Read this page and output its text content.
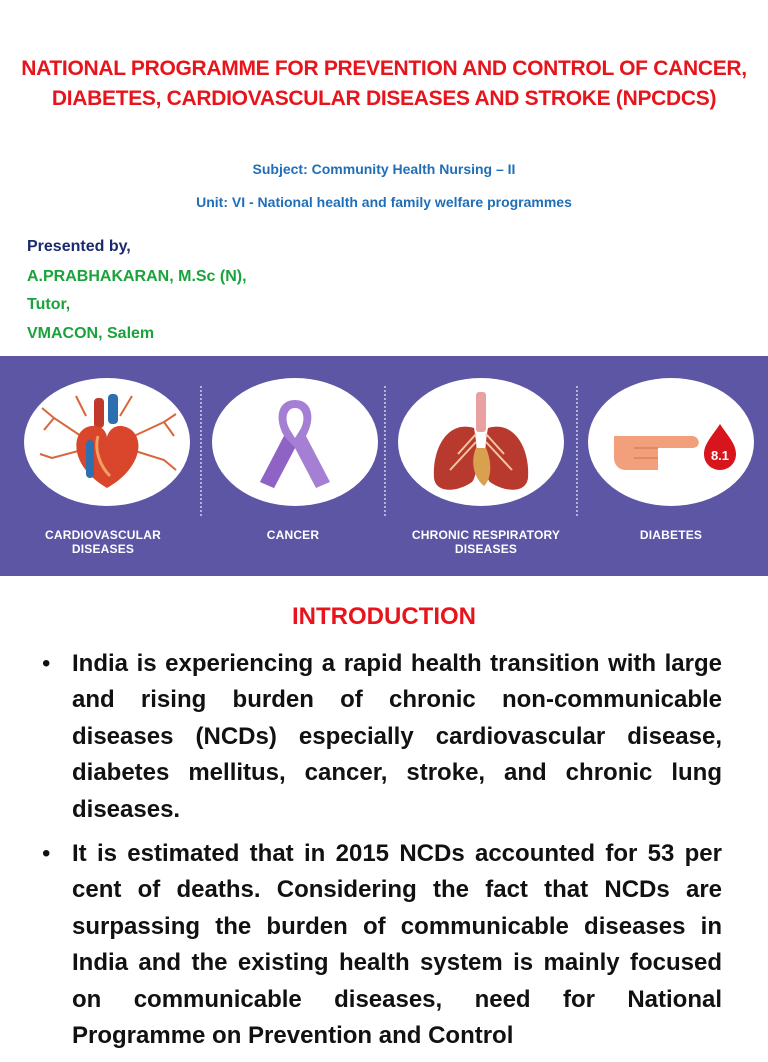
NATIONAL PROGRAMME FOR PREVENTION AND CONTROL OF CANCER,
DIABETES, CARDIOVASCULAR DISEASES AND STROKE (NPCDCS)
Subject: Community Health Nursing – II
Unit: VI - National health and family welfare programmes
Presented by,
A.PRABHAKARAN, M.Sc (N),
Tutor,
VMACON, Salem
8.1
CARDIOVASCULAR
DISEASES
CANCER	CHRONIC RESPIRATORY
DISEASES
DIABETES
INTRODUCTION
• India is experiencing a rapid health transition with large and rising burden of chronic non-communicable diseases (NCDs) especially cardiovascular disease, diabetes mellitus, cancer, stroke, and chronic lung diseases.
• It is estimated that in 2015 NCDs accounted for 53 per cent of deaths. Considering the fact that NCDs are surpassing the burden of communicable diseases in India and the existing health system is mainly focused on communicable diseases, need for National Programme on Prevention and Control
